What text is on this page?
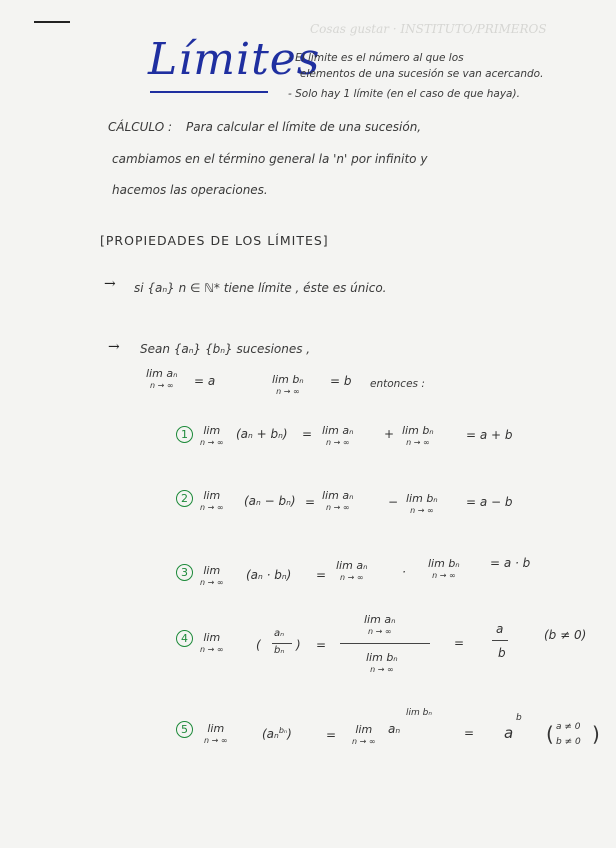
Cosas gustar · INSTITUTO/PRIMEROS
Límites
- El límite es el número al que los
elementos de una sucesión se van acercando.
- Solo hay 1 límite (en el caso de que haya).
CÁLCULO : Para calcular el límite de una sucesión,
cambiamos en el término general la 'n' por infinito y
hacemos las operaciones.
[PROPIEDADES DE LOS LÍMITES]
→ si {aₙ} n ∈ ℕ* tiene límite , éste es único.
→ Sean {aₙ} {bₙ} sucesiones ,
lim aₙ
n → ∞	= a	lim bₙ
n → ∞
= b entonces :
1	lim
n → ∞
(aₙ + bₙ) = lim aₙ
n → ∞
+ lim bₙ
n → ∞
= a + b
2	lim
n → ∞ (aₙ − bₙ) = lim aₙ
n → ∞	− lim bₙ
n → ∞
= a − b
3	lim
n → ∞
(aₙ · bₙ) =
lim aₙ
n → ∞	·
lim bₙ
n → ∞
= a · b
4	lim
n → ∞	(
aₙ
bₙ ) =
lim aₙ
n → ∞
lim bₙ
n → ∞
=
a
b
(b ≠ 0)
5	lim
n → ∞	(aₙ$^{b_n}$)	=	lim
n → ∞
aₙ
lim bₙ
= a
b
( a ≠ 0
b ≠ 0 )
